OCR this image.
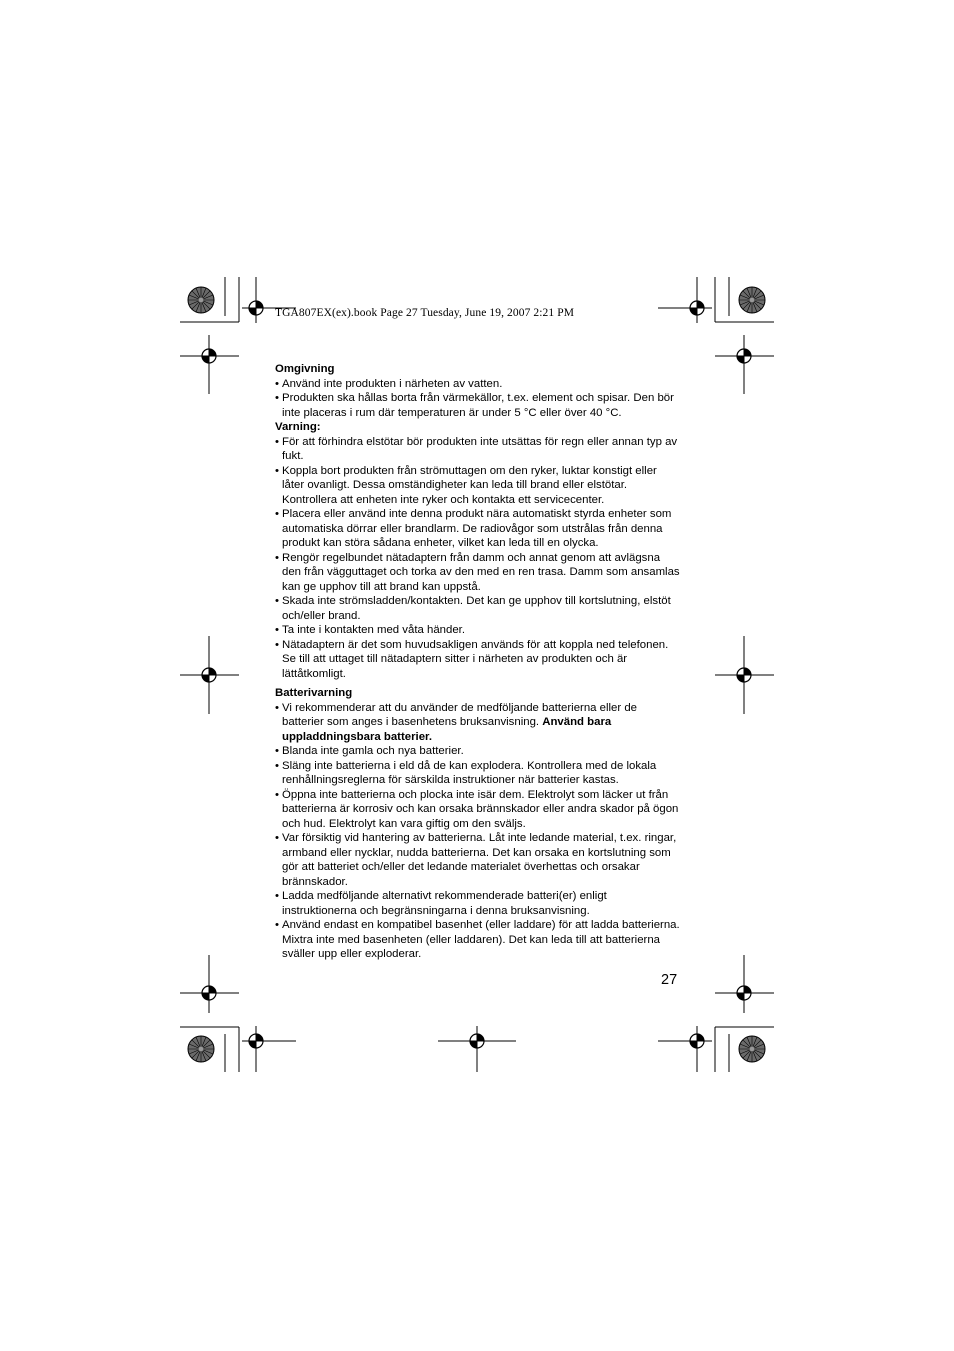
TGA807EX(ex).book Page 27 Tuesday, June 19, 2007 2:21 PM
Omgivning
• Använd inte produkten i närheten av vatten.
• Produkten ska hållas borta från värmekällor, t.ex. element och spisar. Den bör inte placeras i rum där temperaturen är under 5 °C eller över 40 °C.
Varning:
• För att förhindra elstötar bör produkten inte utsättas för regn eller annan typ av fukt.
• Koppla bort produkten från strömuttagen om den ryker, luktar konstigt eller låter ovanligt. Dessa omständigheter kan leda till brand eller elstötar. Kontrollera att enheten inte ryker och kontakta ett servicecenter.
• Placera eller använd inte denna produkt nära automatiskt styrda enheter som automatiska dörrar eller brandlarm. De radiovågor som utstrålas från denna produkt kan störa sådana enheter, vilket kan leda till en olycka.
• Rengör regelbundet nätadaptern från damm och annat genom att avlägsna den från vägguttaget och torka av den med en ren trasa. Damm som ansamlas kan ge upphov till att brand kan uppstå.
• Skada inte strömsladden/kontakten. Det kan ge upphov till kortslutning, elstöt och/eller brand.
• Ta inte i kontakten med våta händer.
• Nätadaptern är det som huvudsakligen används för att koppla ned telefonen. Se till att uttaget till nätadaptern sitter i närheten av produkten och är lättåtkomligt.
Batterivarning
• Vi rekommenderar att du använder de medföljande batterierna eller de batterier som anges i basenhetens bruksanvisning. Använd bara uppladdningsbara batterier.
• Blanda inte gamla och nya batterier.
• Släng inte batterierna i eld då de kan explodera. Kontrollera med de lokala renhållningsreglerna för särskilda instruktioner när batterier kastas.
• Öppna inte batterierna och plocka inte isär dem. Elektrolyt som läcker ut från batterierna är korrosiv och kan orsaka brännskador eller andra skador på ögon och hud. Elektrolyt kan vara giftig om den sväljs.
• Var försiktig vid hantering av batterierna. Låt inte ledande material, t.ex. ringar, armband eller nycklar, nudda batterierna. Det kan orsaka en kortslutning som gör att batteriet och/eller det ledande materialet överhettas och orsakar brännskador.
• Ladda medföljande alternativt rekommenderade batteri(er) enligt instruktionerna och begränsningarna i denna bruksanvisning.
• Använd endast en kompatibel basenhet (eller laddare) för att ladda batterierna. Mixtra inte med basenheten (eller laddaren). Det kan leda till att batterierna sväller upp eller exploderar.
27
